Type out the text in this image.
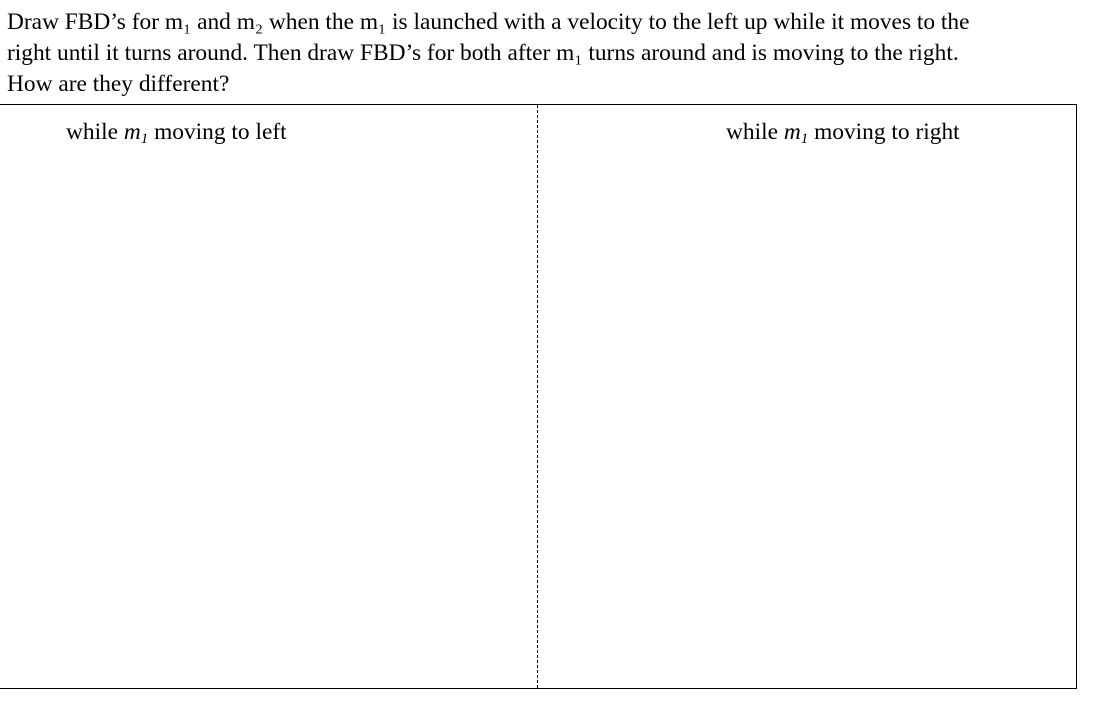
Draw FBD’s for m₁ and m₂ when the m₁ is launched with a velocity to the left up while it moves to the
right until it turns around. Then draw FBD’s for both after m₁ turns around and is moving to the right.
How are they different?
while $m_1$ moving to left	while $m_1$ moving to right
